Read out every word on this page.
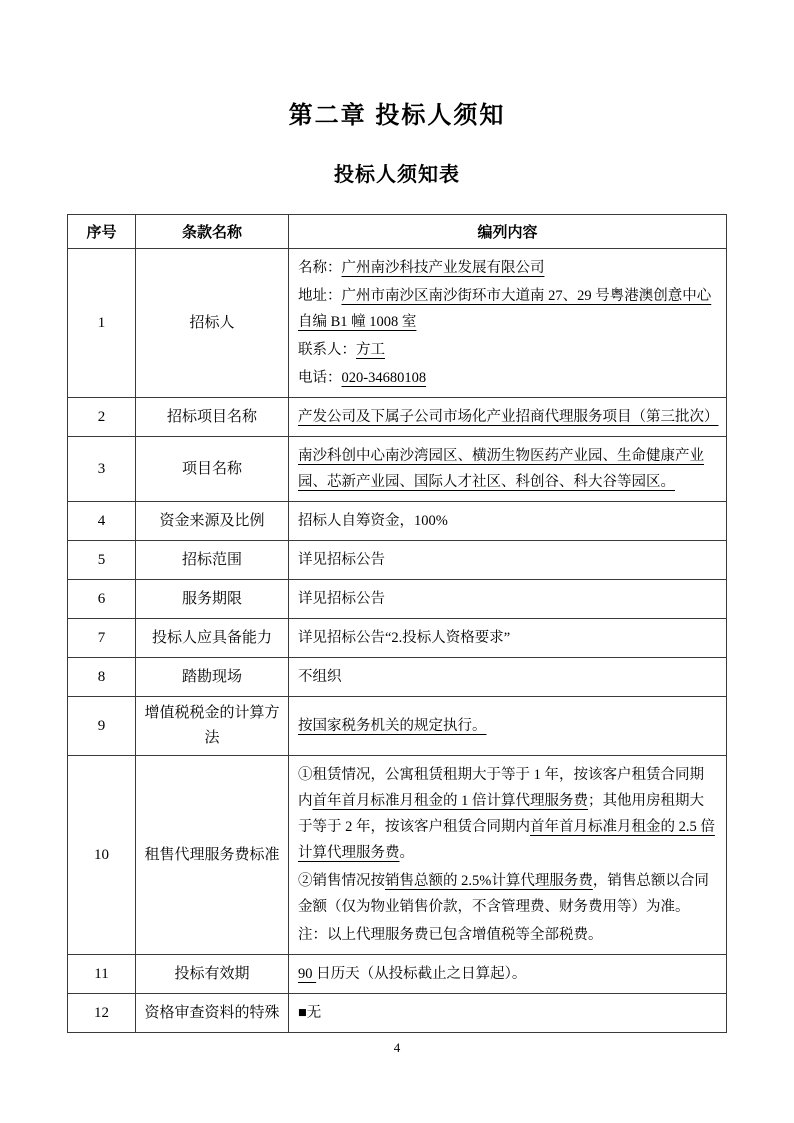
第二章 投标人须知
投标人须知表
序号	条款名称	编列内容
1	招标人	名称：广州南沙科技产业发展有限公司
地址：广州市南沙区南沙街环市大道南 27、29 号粤港澳创意中心自编 B1 幢 1008 室
联系人：方工
电话：020-34680108

2	招标项目名称	产发公司及下属子公司市场化产业招商代理服务项目（第三批次）

3	项目名称	南沙科创中心南沙湾园区、横沥生物医药产业园、生命健康产业园、芯新产业园、国际人才社区、科创谷、科大谷等园区。

4	资金来源及比例	招标人自筹资金，100%

5	招标范围	详见招标公告

6	服务期限	详见招标公告

7	投标人应具备能力	详见招标公告“2.投标人资格要求”

8	踏勘现场	不组织

9	增值税税金的计算方法	按国家税务机关的规定执行。

10	租售代理服务费标准	①租赁情况，公寓租赁租期大于等于 1 年，按该客户租赁合同期内首年首月标准月租金的 1 倍计算代理服务费；其他用房租期大于等于 2 年，按该客户租赁合同期内首年首月标准月租金的 2.5 倍计算代理服务费。
②销售情况按销售总额的 2.5%计算代理服务费，销售总额以合同金额（仅为物业销售价款，不含管理费、财务费用等）为准。
注：以上代理服务费已包含增值税等全部税费。

11	投标有效期	90 日历天（从投标截止之日算起）。

12	资格审查资料的特殊	■无
4
